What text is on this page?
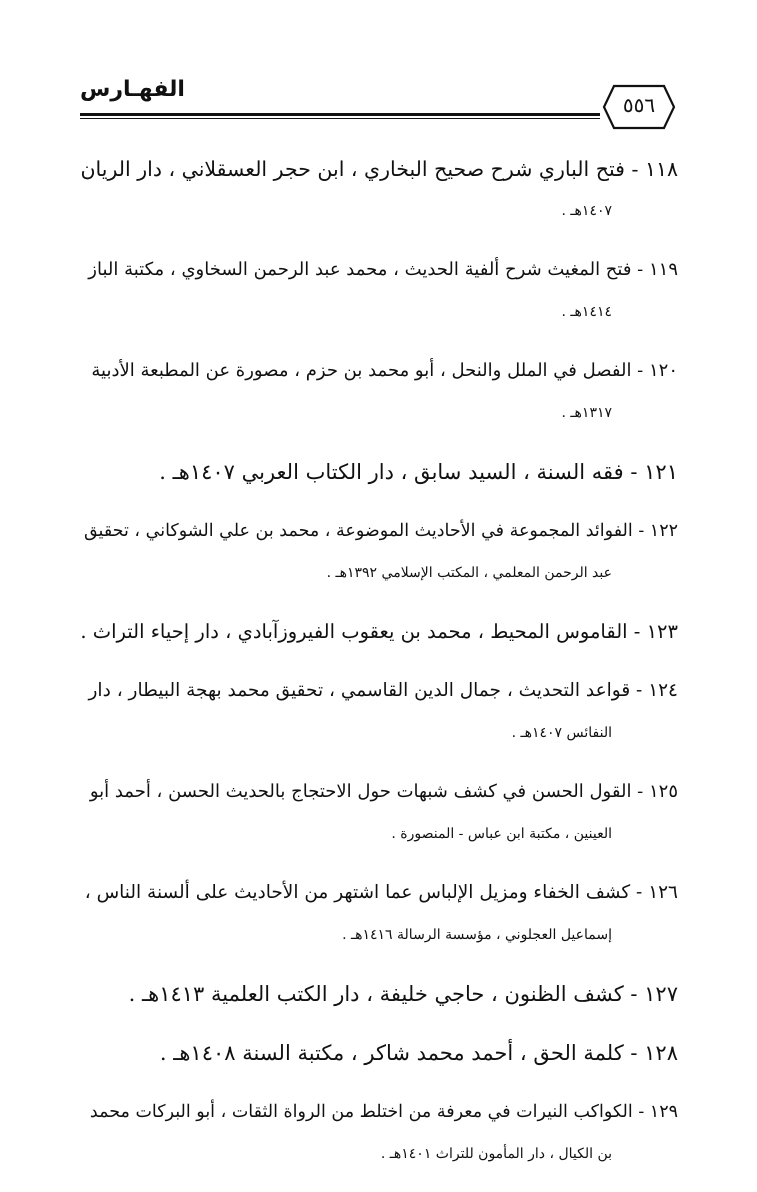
الفهـارس
٥٥٦
١١٨ - فتح الباري شرح صحيح البخاري ، ابن حجر العسقلاني ، دار الريان
١٤٠٧هـ .
١١٩ - فتح المغيث شرح ألفية الحديث ، محمد عبد الرحمن السخاوي ، مكتبة الباز
١٤١٤هـ .
١٢٠ - الفصل في الملل والنحل ، أبو محمد بن حزم ، مصورة عن المطبعة الأدبية
١٣١٧هـ .
١٢١ - فقه السنة ، السيد سابق ، دار الكتاب العربي ١٤٠٧هـ .
١٢٢ - الفوائد المجموعة في الأحاديث الموضوعة ، محمد بن علي الشوكاني ، تحقيق
عبد الرحمن المعلمي ، المكتب الإسلامي ١٣٩٢هـ .
١٢٣ - القاموس المحيط ، محمد بن يعقوب الفيروزآبادي ، دار إحياء التراث .
١٢٤ - قواعد التحديث ، جمال الدين القاسمي ، تحقيق محمد بهجة البيطار ، دار
النفائس ١٤٠٧هـ .
١٢٥ - القول الحسن في كشف شبهات حول الاحتجاج بالحديث الحسن ، أحمد أبو
العينين ، مكتبة ابن عباس - المنصورة .
١٢٦ - كشف الخفاء ومزيل الإلباس عما اشتهر من الأحاديث على ألسنة الناس ،
إسماعيل العجلوني ، مؤسسة الرسالة ١٤١٦هـ .
١٢٧ - كشف الظنون ، حاجي خليفة ، دار الكتب العلمية ١٤١٣هـ .
١٢٨ - كلمة الحق ، أحمد محمد شاكر ، مكتبة السنة ١٤٠٨هـ .
١٢٩ - الكواكب النيرات في معرفة من اختلط من الرواة الثقات ، أبو البركات محمد
بن الكيال ، دار المأمون للتراث ١٤٠١هـ .
